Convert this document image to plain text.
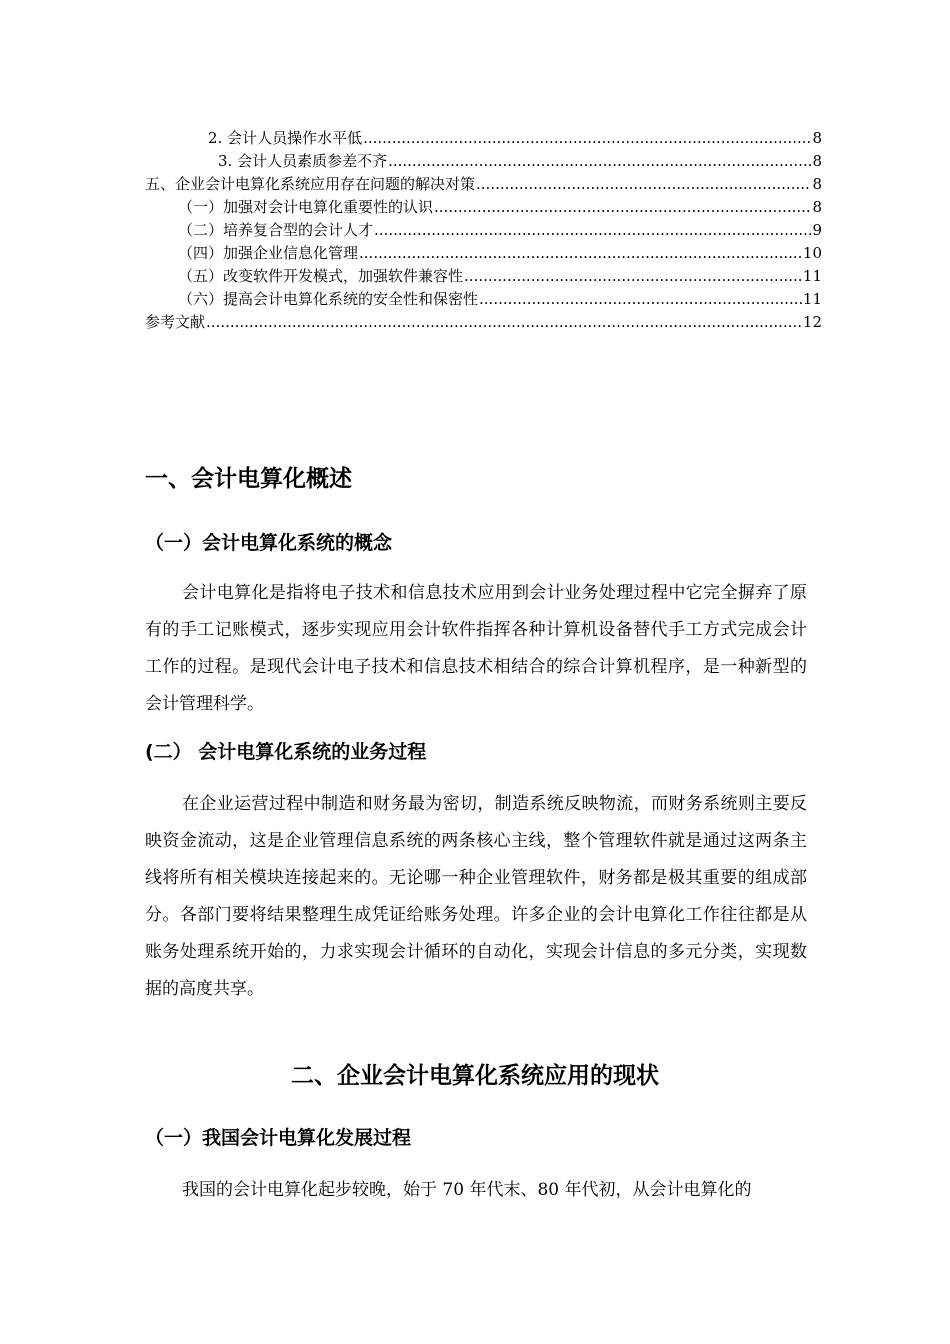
2. 会计人员操作水平低 .....	8
3. 会计人员素质参差不齐 .....	8
五、企业会计电算化系统应用存在问题的解决对策 .....	8
（一）加强对会计电算化重要性的认识 .....	8
（二）培养复合型的会计人才 .....	9
（四）加强企业信息化管理 .....	10
（五）改变软件开发模式，加强软件兼容性 .....	11
（六）提高会计电算化系统的安全性和保密性 .....	11
参考文献 .....	12
一、会计电算化概述
（一）会计电算化系统的概念

会计电算化是指将电子技术和信息技术应用到会计业务处理过程中它完全摒弃了原有的手工记账模式，逐步实现应用会计软件指挥各种计算机设备替代手工方式完成会计工作的过程。是现代会计电子技术和信息技术相结合的综合计算机程序，是一种新型的会计管理科学。

(二） 会计电算化系统的业务过程

在企业运营过程中制造和财务最为密切，制造系统反映物流，而财务系统则主要反映资金流动，这是企业管理信息系统的两条核心主线，整个管理软件就是通过这两条主线将所有相关模块连接起来的。无论哪一种企业管理软件，财务都是极其重要的组成部分。各部门要将结果整理生成凭证给账务处理。许多企业的会计电算化工作往往都是从账务处理系统开始的，力求实现会计循环的自动化，实现会计信息的多元分类，实现数据的高度共享。

二、企业会计电算化系统应用的现状
（一）我国会计电算化发展过程

我国的会计电算化起步较晚，始于 70 年代末、80 年代初，从会计电算化的
